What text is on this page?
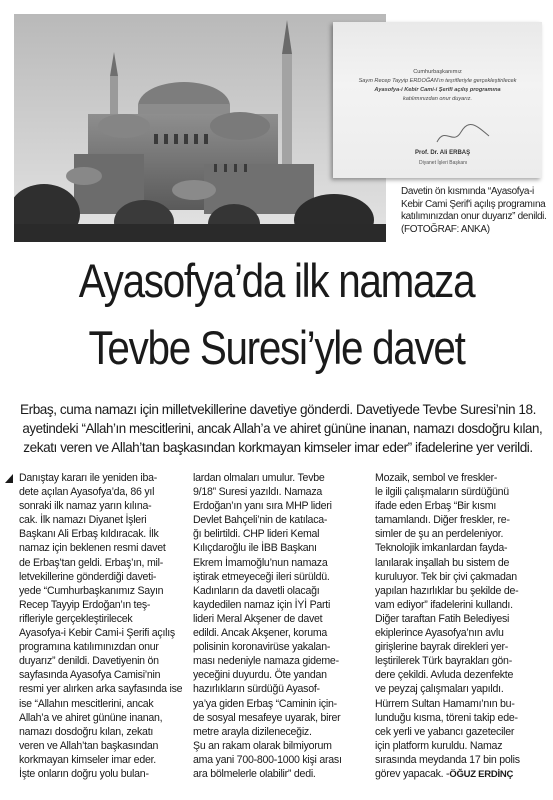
Cumhurbaşkanımız
Sayın Recep Tayyip ERDOĞAN'ın teşrifleriyle gerçekleştirilecek
Ayasofya-i Kebir Cami-i Şerifi açılış programına
katılımınızdan onur duyarız.
Prof. Dr. Ali ERBAŞ
Diyanet İşleri Başkanı
Davetin ön kısmında “Ayasofya-i
Kebir Cami Şerif'i açılış programına
katılımınızdan onur duyarız” denildi.
(FOTOĞRAF: ANKA)
Ayasofya’da ilk namaza
Tevbe Suresi’yle davet
Erbaş, cuma namazı için milletvekillerine davetiye gönderdi. Davetiyede Tevbe Suresi’nin 18.
ayetindeki “Allah’ın mescitlerini, ancak Allah’a ve ahiret gününe inanan, namazı dosdoğru kılan,
zekatı veren ve Allah’tan başkasından korkmayan kimseler imar eder” ifadelerine yer verildi.
Danıştay kararı ile yeniden iba-
dete açılan Ayasofya’da, 86 yıl
sonraki ilk namaz yarın kılına-
cak. İlk namazı Diyanet İşleri
Başkanı Ali Erbaş kıldıracak. İlk
namaz için beklenen resmi davet
de Erbaş’tan geldi. Erbaş’ın, mil-
letvekillerine gönderdiği daveti-
yede “Cumhurbaşkanımız Sayın
Recep Tayyip Erdoğan’ın teş-
rifleriyle gerçekleştirilecek
Ayasofya-i Kebir Cami-i Şerifi açılış
programına katılımınızdan onur
duyarız” denildi. Davetiyenin ön
sayfasında Ayasofya Camisi’nin
resmi yer alırken arka sayfasında ise
ise “Allahın mescitlerini, ancak
Allah’a ve ahiret gününe inanan,
namazı dosdoğru kılan, zekatı
veren ve Allah’tan başkasından
korkmayan kimseler imar eder.
İşte onların doğru yolu bulan-
lardan olmaları umulur. Tevbe
9/18” Suresi yazıldı. Namaza
Erdoğan’ın yanı sıra MHP lideri
Devlet Bahçeli’nin de katılaca-
ğı belirtildi. CHP lideri Kemal
Kılıçdaroğlu ile İBB Başkanı
Ekrem İmamoğlu’nun namaza
iştirak etmeyeceği ileri sürüldü.
Kadınların da davetli olacağı
kaydedilen namaz için İYİ Parti
lideri Meral Akşener de davet
edildi. Ancak Akşener, koruma
polisinin koronavirüse yakalan-
ması nedeniyle namaza gideme-
yeceğini duyurdu. Öte yandan
hazırlıkların sürdüğü Ayasof-
ya’ya giden Erbaş “Caminin için-
de sosyal mesafeye uyarak, birer
metre arayla dizileneceğiz.
Şu an rakam olarak bilmiyorum
ama yani 700-800-1000 kişi arası
ara bölmelerle olabilir” dedi.
Mozaik, sembol ve freskler-
le ilgili çalışmaların sürdüğünü
ifade eden Erbaş “Bir kısmı
tamamlandı. Diğer freskler, re-
simler de şu an perdeleniyor.
Teknolojik imkanlardan fayda-
lanılarak inşallah bu sistem de
kuruluyor. Tek bir çivi çakmadan
yapılan hazırlıklar bu şekilde de-
vam ediyor” ifadelerini kullandı.
Diğer taraftan Fatih Belediyesi
ekiplerince Ayasofya’nın avlu
girişlerine bayrak direkleri yer-
leştirilerek Türk bayrakları gön-
dere çekildi. Avluda dezenfekte
ve peyzaj çalışmaları yapıldı.
Hürrem Sultan Hamamı’nın bu-
lunduğu kısma, töreni takip ede-
cek yerli ve yabancı gazeteciler
için platform kuruldu. Namaz
sırasında meydanda 17 bin polis
görev yapacak. -ÖĞUZ ERDİNÇ
